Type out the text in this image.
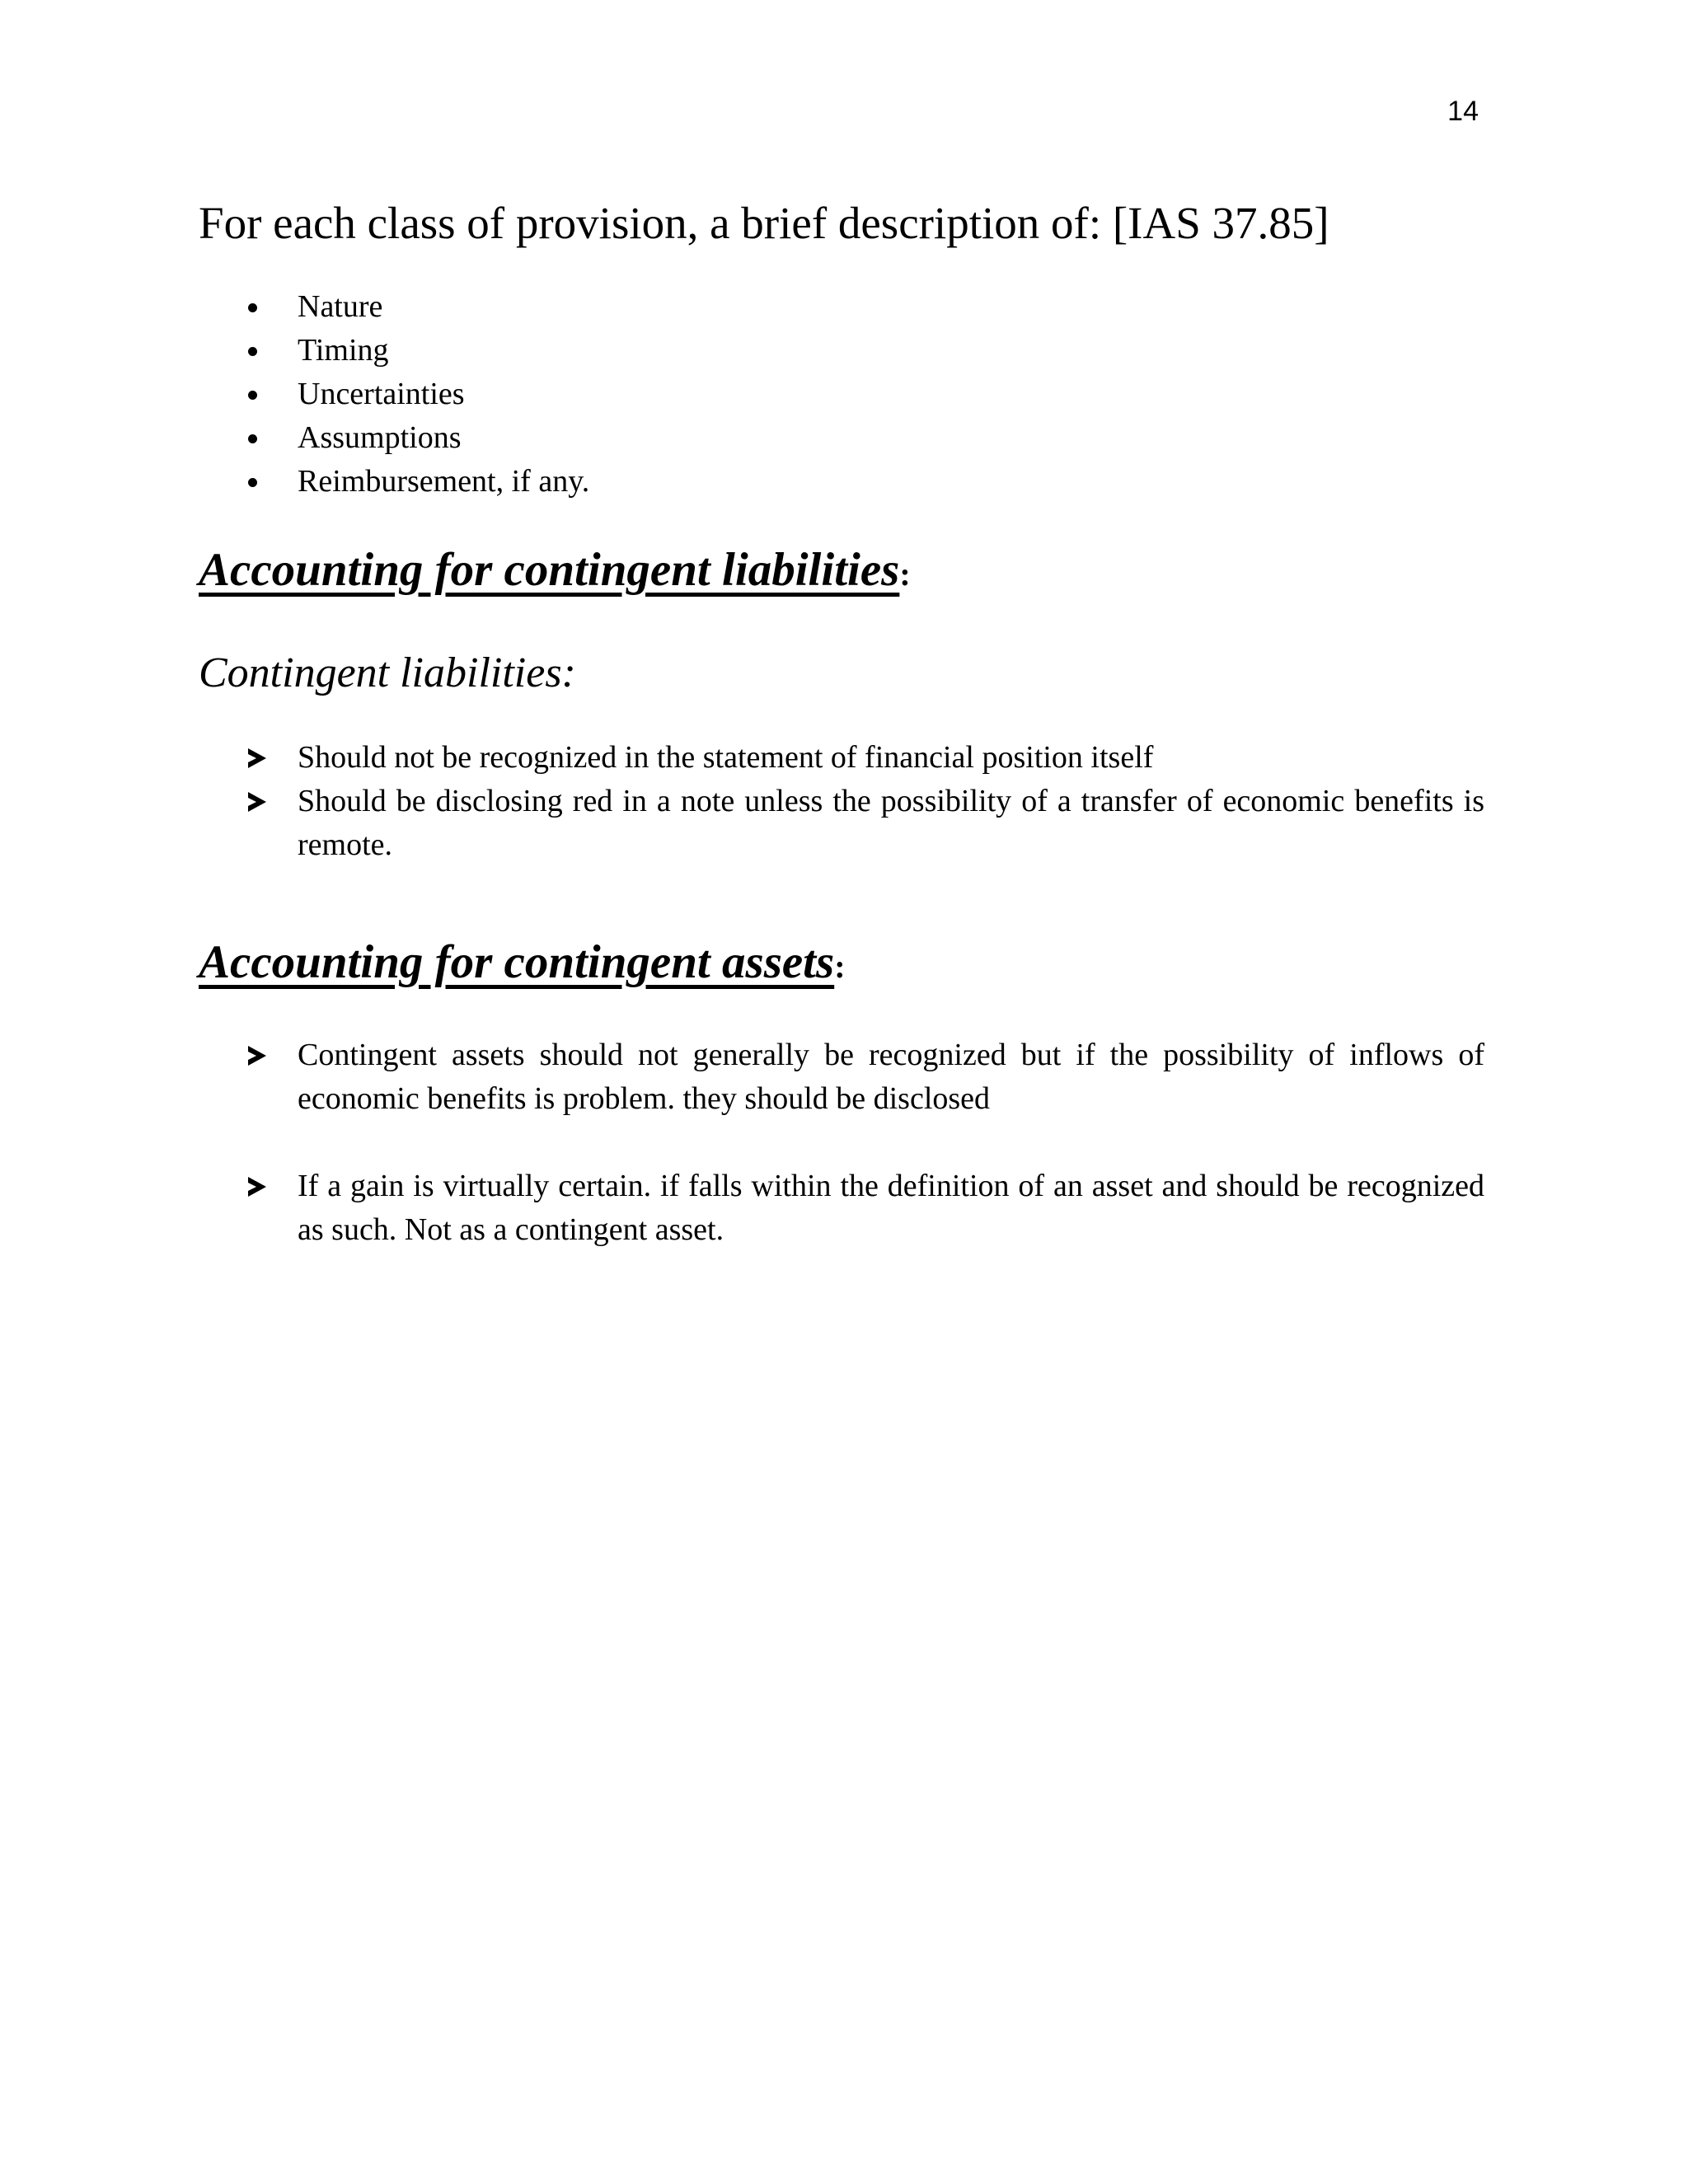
14

For each class of provision, a brief description of: [IAS 37.85]

Nature
Timing
Uncertainties
Assumptions
Reimbursement, if any.
Accounting for contingent liabilities:

Contingent liabilities:

Should not be recognized in the statement of financial position itself
Should be disclosing red in a note unless the possibility of a transfer of economic benefits is remote.
Accounting for contingent assets:
Contingent assets should not generally be recognized but if the possibility of inflows of economic benefits is problem. they should be disclosed
If a gain is virtually certain. if falls within the definition of an asset and should be recognized as such. Not as a contingent asset.
